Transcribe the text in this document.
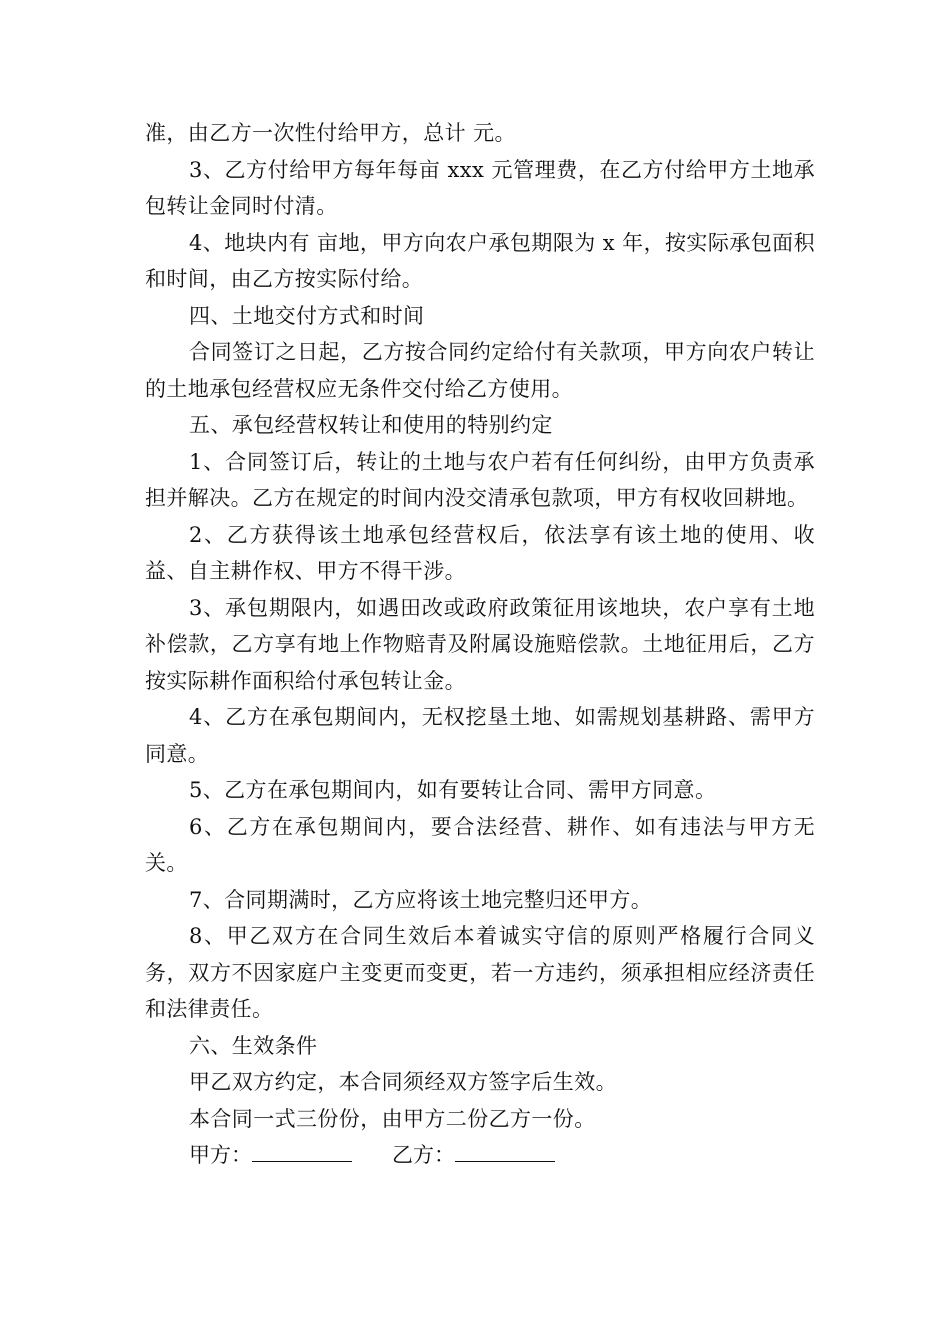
准，由乙方一次性付给甲方，总计 元。

3、乙方付给甲方每年每亩 xxx 元管理费，在乙方付给甲方土地承包转让金同时付清。

4、地块内有 亩地，甲方向农户承包期限为 x 年，按实际承包面积和时间，由乙方按实际付给。

四、土地交付方式和时间

合同签订之日起，乙方按合同约定给付有关款项，甲方向农户转让的土地承包经营权应无条件交付给乙方使用。

五、承包经营权转让和使用的特别约定

1、合同签订后，转让的土地与农户若有任何纠纷，由甲方负责承担并解决。乙方在规定的时间内没交清承包款项，甲方有权收回耕地。

2、乙方获得该土地承包经营权后，依法享有该土地的使用、收益、自主耕作权、甲方不得干涉。

3、承包期限内，如遇田改或政府政策征用该地块，农户享有土地补偿款，乙方享有地上作物赔青及附属设施赔偿款。土地征用后，乙方按实际耕作面积给付承包转让金。

4、乙方在承包期间内，无权挖垦土地、如需规划基耕路、需甲方同意。

5、乙方在承包期间内，如有要转让合同、需甲方同意。

6、乙方在承包期间内，要合法经营、耕作、如有违法与甲方无关。

7、合同期满时，乙方应将该土地完整归还甲方。

8、甲乙双方在合同生效后本着诚实守信的原则严格履行合同义务，双方不因家庭户主变更而变更，若一方违约，须承担相应经济责任和法律责任。

六、生效条件

甲乙双方约定，本合同须经双方签字后生效。

本合同一式三份份，由甲方二份乙方一份。

甲方：	乙方：
